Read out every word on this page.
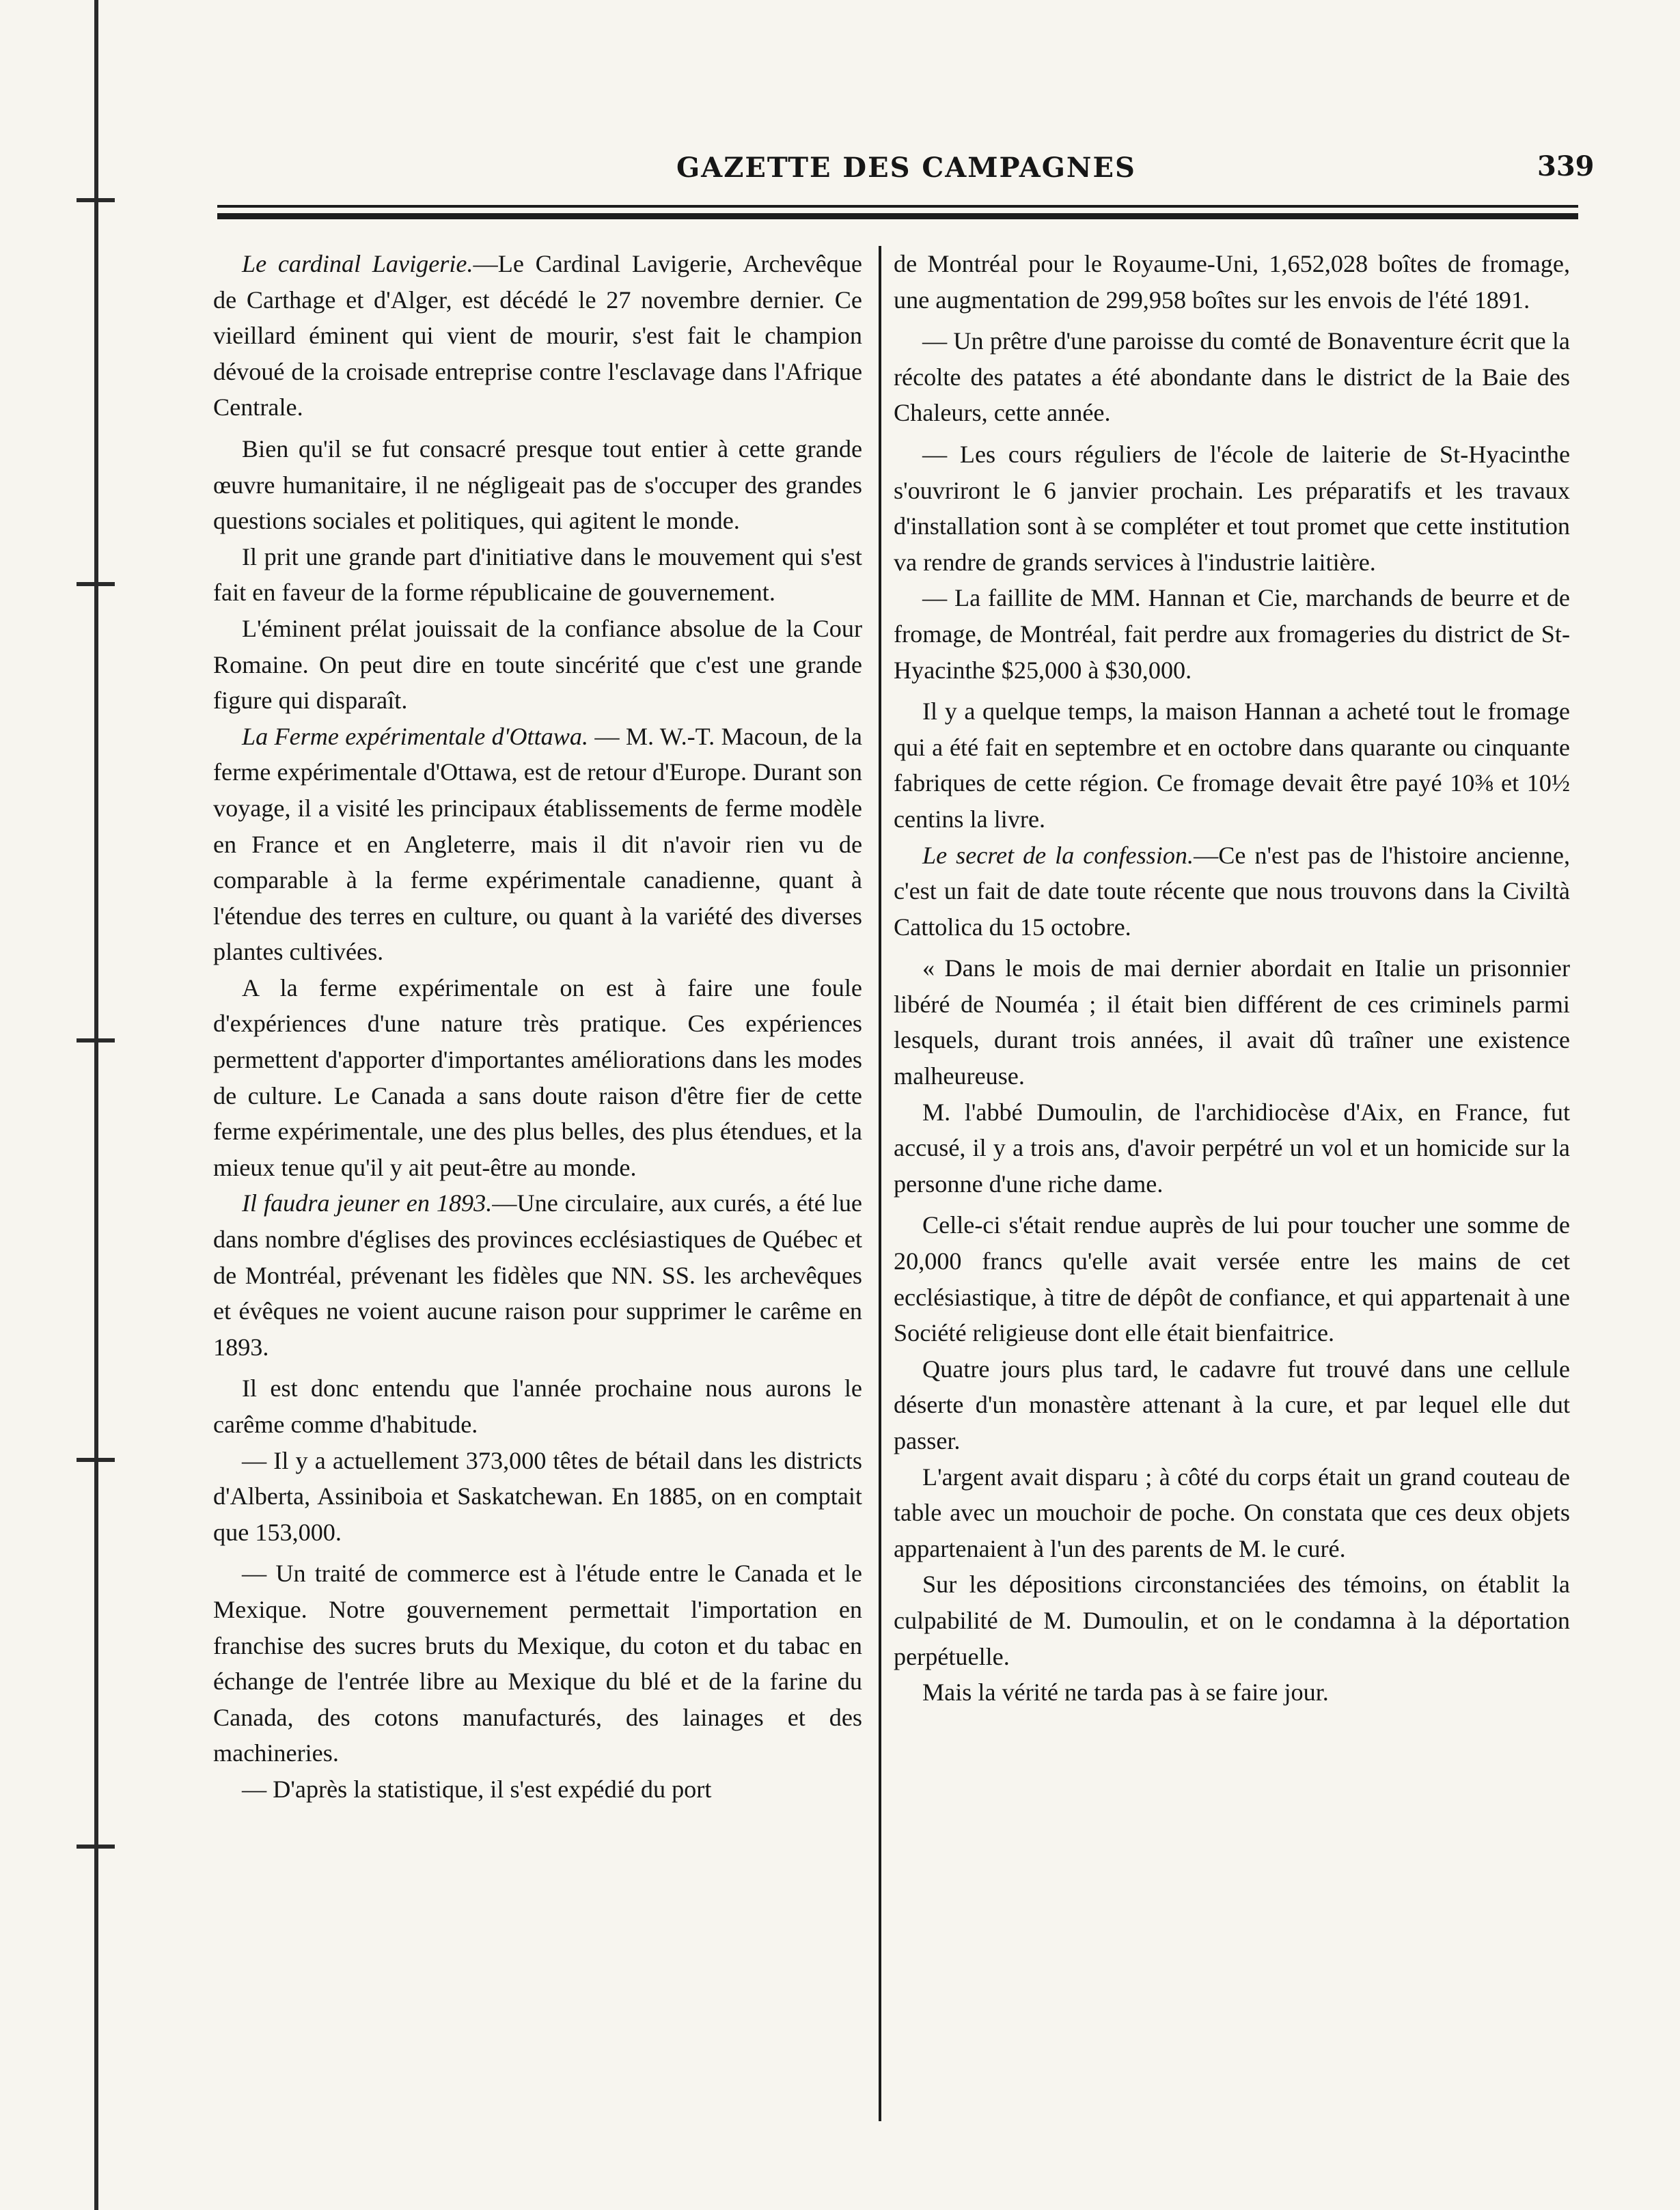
GAZETTE DES CAMPAGNES	339

Le cardinal Lavigerie.—Le Cardinal Lavigerie, Archevêque de Carthage et d'Alger, est décédé le 27 novembre dernier. Ce vieillard éminent qui vient de mourir, s'est fait le champion dévoué de la croisade entreprise contre l'esclavage dans l'Afrique Centrale.

Bien qu'il se fut consacré presque tout entier à cette grande œuvre humanitaire, il ne négligeait pas de s'occuper des grandes questions sociales et politiques, qui agitent le monde.

Il prit une grande part d'initiative dans le mouvement qui s'est fait en faveur de la forme républicaine de gouvernement.

L'éminent prélat jouissait de la confiance absolue de la Cour Romaine. On peut dire en toute sincérité que c'est une grande figure qui disparaît.

La Ferme expérimentale d'Ottawa. — M. W.-T. Macoun, de la ferme expérimentale d'Ottawa, est de retour d'Europe. Durant son voyage, il a visité les principaux établissements de ferme modèle en France et en Angleterre, mais il dit n'avoir rien vu de comparable à la ferme expérimentale canadienne, quant à l'étendue des terres en culture, ou quant à la variété des diverses plantes cultivées.

A la ferme expérimentale on est à faire une foule d'expériences d'une nature très pratique. Ces expériences permettent d'apporter d'importantes améliorations dans les modes de culture. Le Canada a sans doute raison d'être fier de cette ferme expérimentale, une des plus belles, des plus étendues, et la mieux tenue qu'il y ait peut-être au monde.

Il faudra jeuner en 1893.—Une circulaire, aux curés, a été lue dans nombre d'églises des provinces ecclésiastiques de Québec et de Montréal, prévenant les fidèles que NN. SS. les archevêques et évêques ne voient aucune raison pour supprimer le carême en 1893.

Il est donc entendu que l'année prochaine nous aurons le carême comme d'habitude.

— Il y a actuellement 373,000 têtes de bétail dans les districts d'Alberta, Assiniboia et Saskatchewan. En 1885, on en comptait que 153,000.

— Un traité de commerce est à l'étude entre le Canada et le Mexique. Notre gouvernement permettait l'importation en franchise des sucres bruts du Mexique, du coton et du tabac en échange de l'entrée libre au Mexique du blé et de la farine du Canada, des cotons manufacturés, des lainages et des machineries.

— D'après la statistique, il s'est expédié du port

de Montréal pour le Royaume-Uni, 1,652,028 boîtes de fromage, une augmentation de 299,958 boîtes sur les envois de l'été 1891.

— Un prêtre d'une paroisse du comté de Bonaventure écrit que la récolte des patates a été abondante dans le district de la Baie des Chaleurs, cette année.

— Les cours réguliers de l'école de laiterie de St-Hyacinthe s'ouvriront le 6 janvier prochain. Les préparatifs et les travaux d'installation sont à se compléter et tout promet que cette institution va rendre de grands services à l'industrie laitière.

— La faillite de MM. Hannan et Cie, marchands de beurre et de fromage, de Montréal, fait perdre aux fromageries du district de St-Hyacinthe $25,000 à $30,000.

Il y a quelque temps, la maison Hannan a acheté tout le fromage qui a été fait en septembre et en octobre dans quarante ou cinquante fabriques de cette région. Ce fromage devait être payé 10⅜ et 10½ centins la livre.

Le secret de la confession.—Ce n'est pas de l'histoire ancienne, c'est un fait de date toute récente que nous trouvons dans la Civiltà Cattolica du 15 octobre.

« Dans le mois de mai dernier abordait en Italie un prisonnier libéré de Nouméa ; il était bien différent de ces criminels parmi lesquels, durant trois années, il avait dû traîner une existence malheureuse.

M. l'abbé Dumoulin, de l'archidiocèse d'Aix, en France, fut accusé, il y a trois ans, d'avoir perpétré un vol et un homicide sur la personne d'une riche dame.

Celle-ci s'était rendue auprès de lui pour toucher une somme de 20,000 francs qu'elle avait versée entre les mains de cet ecclésiastique, à titre de dépôt de confiance, et qui appartenait à une Société religieuse dont elle était bienfaitrice.

Quatre jours plus tard, le cadavre fut trouvé dans une cellule déserte d'un monastère attenant à la cure, et par lequel elle dut passer.

L'argent avait disparu ; à côté du corps était un grand couteau de table avec un mouchoir de poche. On constata que ces deux objets appartenaient à l'un des parents de M. le curé.

Sur les dépositions circonstanciées des témoins, on établit la culpabilité de M. Dumoulin, et on le condamna à la déportation perpétuelle.

Mais la vérité ne tarda pas à se faire jour.
